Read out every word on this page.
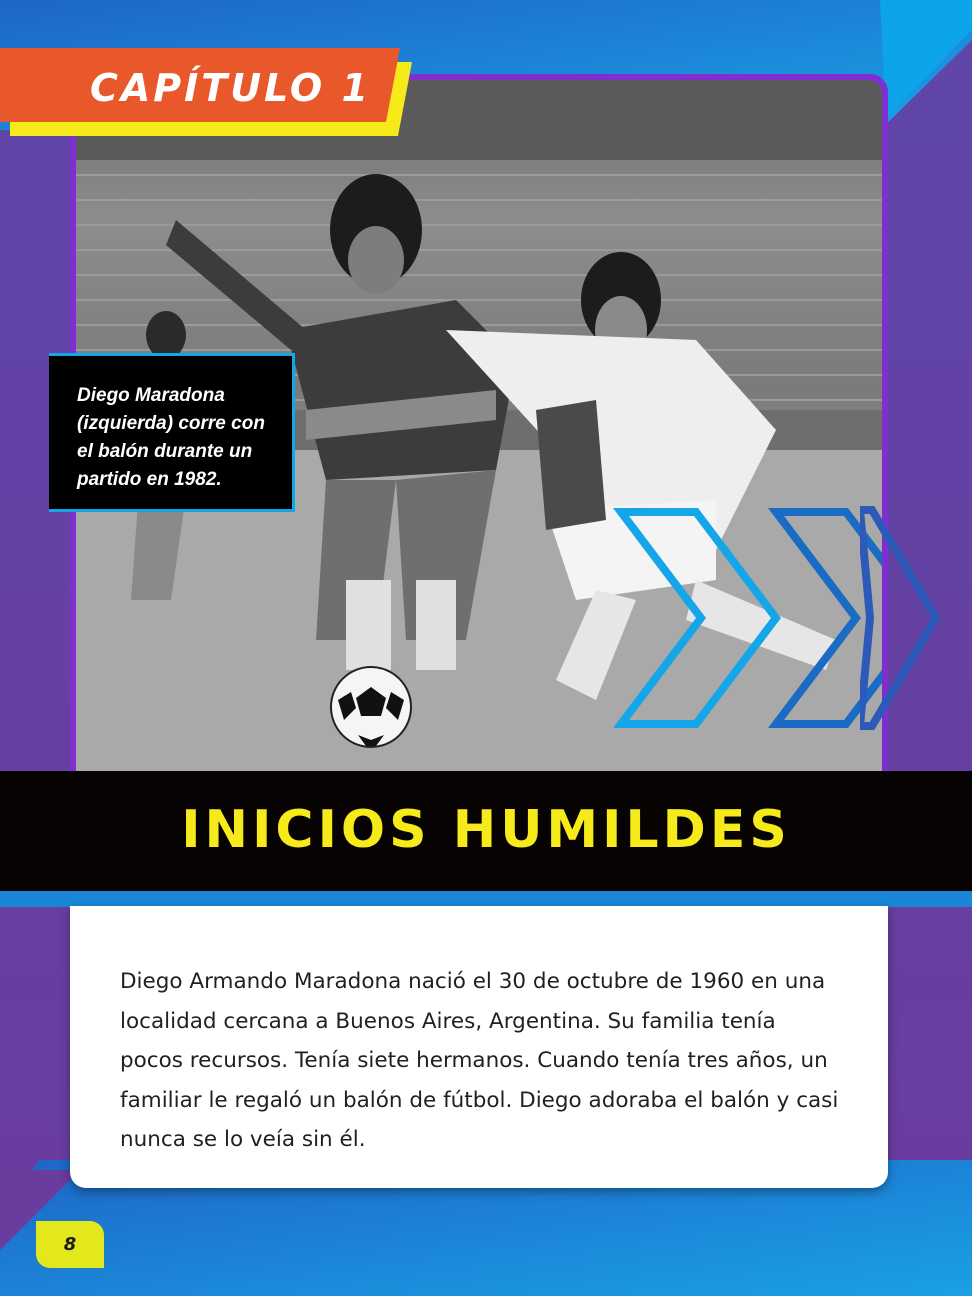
CAPÍTULO 1
Diego Maradona (izquierda) corre con el balón durante un partido en 1982.
INICIOS HUMILDES
Diego Armando Maradona nació el 30 de octubre de 1960 en una localidad cercana a Buenos Aires, Argentina. Su familia tenía pocos recursos. Tenía siete hermanos. Cuando tenía tres años, un familiar le regaló un balón de fútbol. Diego adoraba el balón y casi nunca se lo veía sin él.
8
